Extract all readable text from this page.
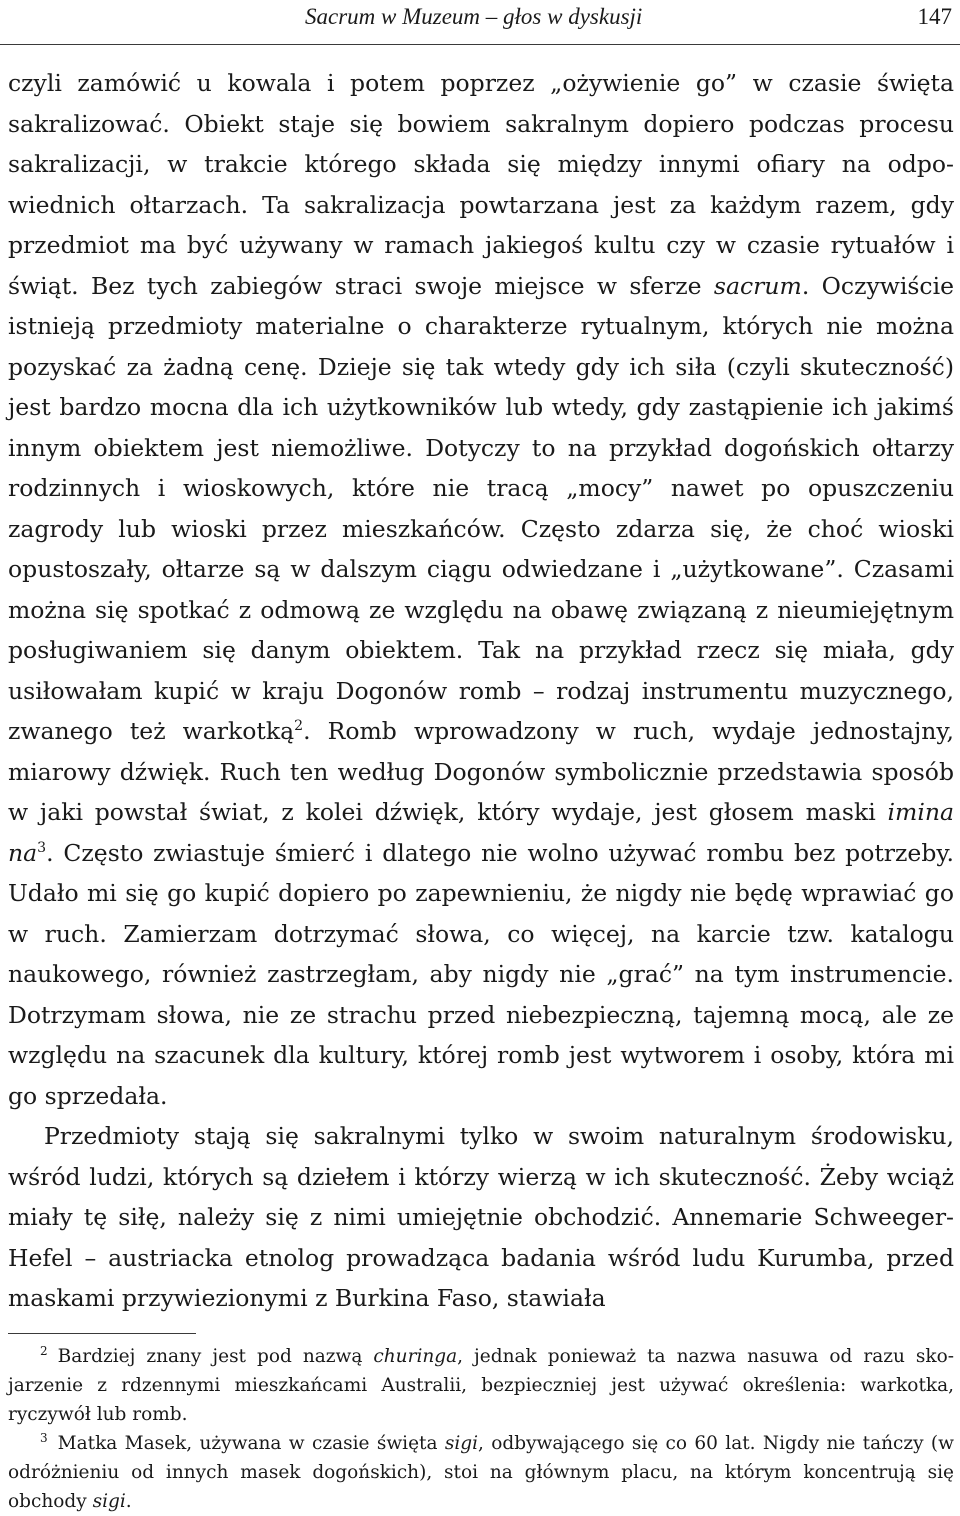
Sacrum w Muzeum – głos w dyskusji	147

czyli zamówić u kowala i potem poprzez „ożywienie go” w czasie święta sakralizować. Obiekt staje się bowiem sakralnym dopiero podczas procesu sakralizacji, w trakcie którego składa się między innymi ofiary na odpowiednich ołtarzach. Ta sakralizacja powtarzana jest za każdym razem, gdy przedmiot ma być używany w ramach jakiegoś kultu czy w czasie rytuałów i świąt. Bez tych zabiegów straci swoje miejsce w sferze sacrum. Oczywiście istnieją przedmioty materialne o charakterze rytualnym, których nie można pozyskać za żadną cenę. Dzieje się tak wtedy gdy ich siła (czyli skuteczność) jest bardzo mocna dla ich użytkowników lub wtedy, gdy zastąpienie ich jakimś innym obiektem jest niemożliwe. Dotyczy to na przykład dogońskich ołtarzy rodzinnych i wioskowych, które nie tracą „mocy” nawet po opuszczeniu zagrody lub wioski przez mieszkańców. Często zdarza się, że choć wioski opustoszały, ołtarze są w dalszym ciągu odwiedzane i „użytkowane”. Czasami można się spotkać z odmową ze względu na obawę związaną z nieumiejętnym posługiwaniem się danym obiektem. Tak na przykład rzecz się miała, gdy usiłowałam kupić w kraju Dogonów romb – rodzaj instrumentu muzycznego, zwanego też warkotką$^2$. Romb wprowadzony w ruch, wydaje jednostajny, miarowy dźwięk. Ruch ten według Dogonów symbolicznie przedstawia sposób w jaki powstał świat, z kolei dźwięk, który wydaje, jest głosem maski imina $na^3$. Często zwiastuje śmierć i dlatego nie wolno używać rombu bez potrzeby. Udało mi się go kupić dopiero po zapewnieniu, że nigdy nie będę wprawiać go w ruch. Zamierzam dotrzymać słowa, co więcej, na karcie tzw. katalogu naukowego, również zastrzegłam, aby nigdy nie „grać” na tym instrumencie. Dotrzymam słowa, nie ze strachu przed niebezpieczną, tajemną mocą, ale ze względu na szacunek dla kultury, której romb jest wytworem i osoby, która mi go sprzedała.

Przedmioty stają się sakralnymi tylko w swoim naturalnym środowisku, wśród ludzi, których są dziełem i którzy wierzą w ich skuteczność. Żeby wciąż miały tę siłę, należy się z nimi umiejętnie obchodzić. Annemarie Schweeger-Hefel – austriacka etnolog prowadząca badania wśród ludu Kurumba, przed maskami przywiezionymi z Burkina Faso, stawiała

$^2$ Bardziej znany jest pod nazwą churinga, jednak ponieważ ta nazwa nasuwa od razu skojarzenie z rdzennymi mieszkańcami Australii, bezpieczniej jest używać określenia: warkotka, ryczywół lub romb.

$^3$ Matka Masek, używana w czasie święta sigi, odbywającego się co 60 lat. Nigdy nie tańczy (w odróżnieniu od innych masek dogońskich), stoi na głównym placu, na którym koncentrują się obchody sigi.
